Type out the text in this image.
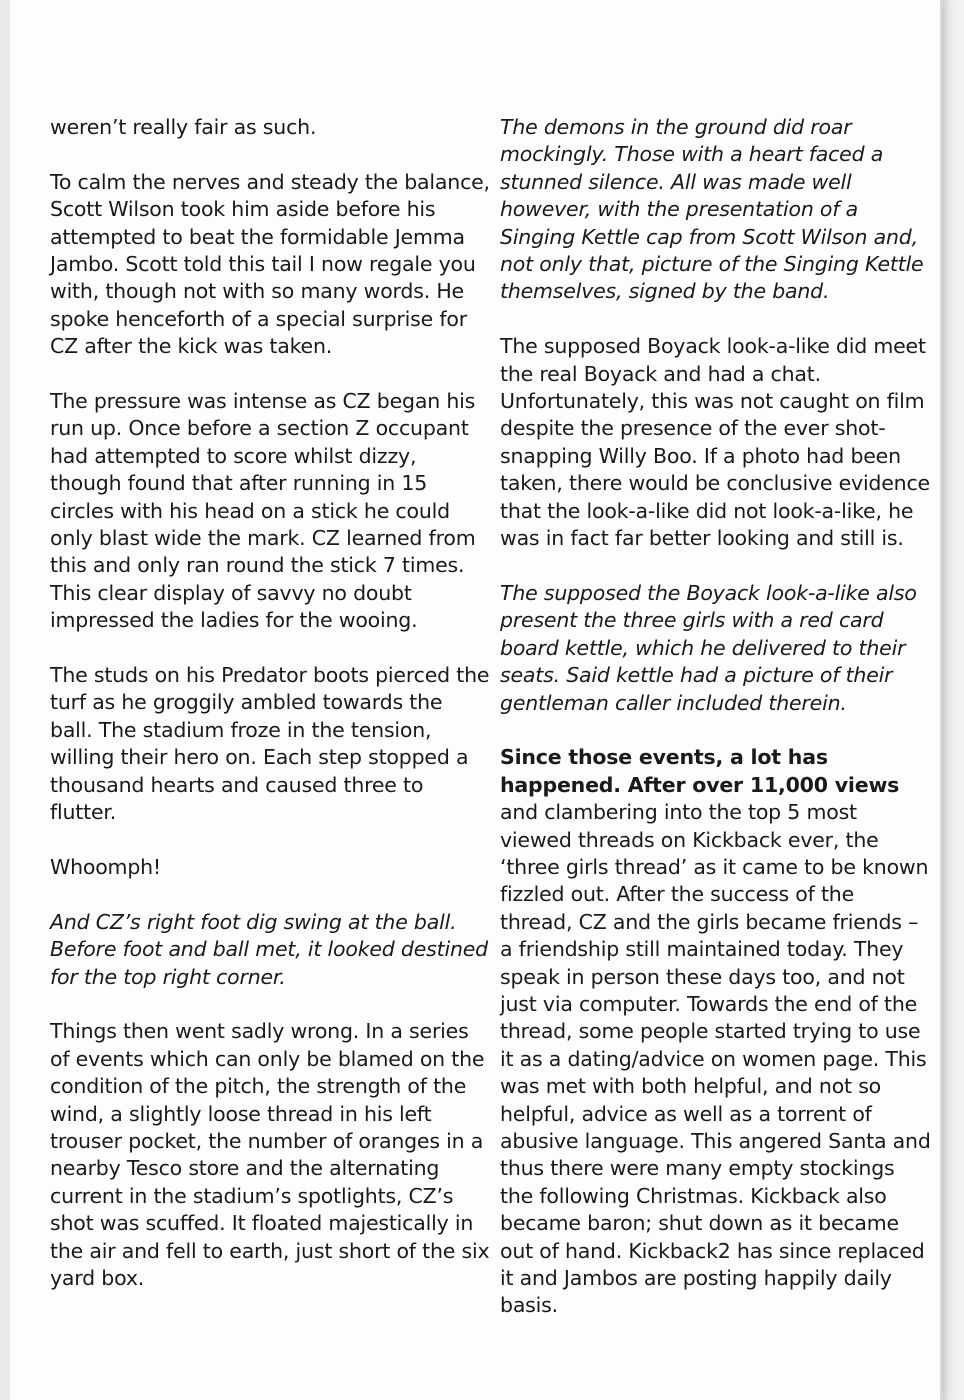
weren’t really fair as such.

To calm the nerves and steady the balance, Scott Wilson took him aside before his attempted to beat the formidable Jemma Jambo. Scott told this tail I now regale you with, though not with so many words. He spoke henceforth of a special surprise for CZ after the kick was taken.

The pressure was intense as CZ began his run up. Once before a section Z occupant had attempted to score whilst dizzy, though found that after running in 15 circles with his head on a stick he could only blast wide the mark. CZ learned from this and only ran round the stick 7 times. This clear display of savvy no doubt impressed the ladies for the wooing.

The studs on his Predator boots pierced the turf as he groggily ambled towards the ball. The stadium froze in the tension, willing their hero on. Each step stopped a thousand hearts and caused three to flutter.

Whoomph!

And CZ’s right foot dig swing at the ball. Before foot and ball met, it looked destined for the top right corner.

Things then went sadly wrong. In a series of events which can only be blamed on the condition of the pitch, the strength of the wind, a slightly loose thread in his left trouser pocket, the number of oranges in a nearby Tesco store and the alternating current in the stadium’s spotlights, CZ’s shot was scuffed. It floated majestically in the air and fell to earth, just short of the six yard box.

The demons in the ground did roar mockingly. Those with a heart faced a stunned silence. All was made well however, with the presentation of a Singing Kettle cap from Scott Wilson and, not only that, picture of the Singing Kettle themselves, signed by the band.

The supposed Boyack look-a-like did meet the real Boyack and had a chat. Unfortunately, this was not caught on film despite the presence of the ever shot-snapping Willy Boo. If a photo had been taken, there would be conclusive evidence that the look-a-like did not look-a-like, he was in fact far better looking and still is.

The supposed the Boyack look-a-like also present the three girls with a red card board kettle, which he delivered to their seats. Said kettle had a picture of their gentleman caller included therein.

Since those events, a lot has happened. After over 11,000 views and clambering into the top 5 most viewed threads on Kickback ever, the ‘three girls thread’ as it came to be known fizzled out. After the success of the thread, CZ and the girls became friends – a friendship still maintained today. They speak in person these days too, and not just via computer. Towards the end of the thread, some people started trying to use it as a dating/advice on women page. This was met with both helpful, and not so helpful, advice as well as a torrent of abusive language. This angered Santa and thus there were many empty stockings the following Christmas. Kickback also became baron; shut down as it became out of hand. Kickback2 has since replaced it and Jambos are posting happily daily basis.
